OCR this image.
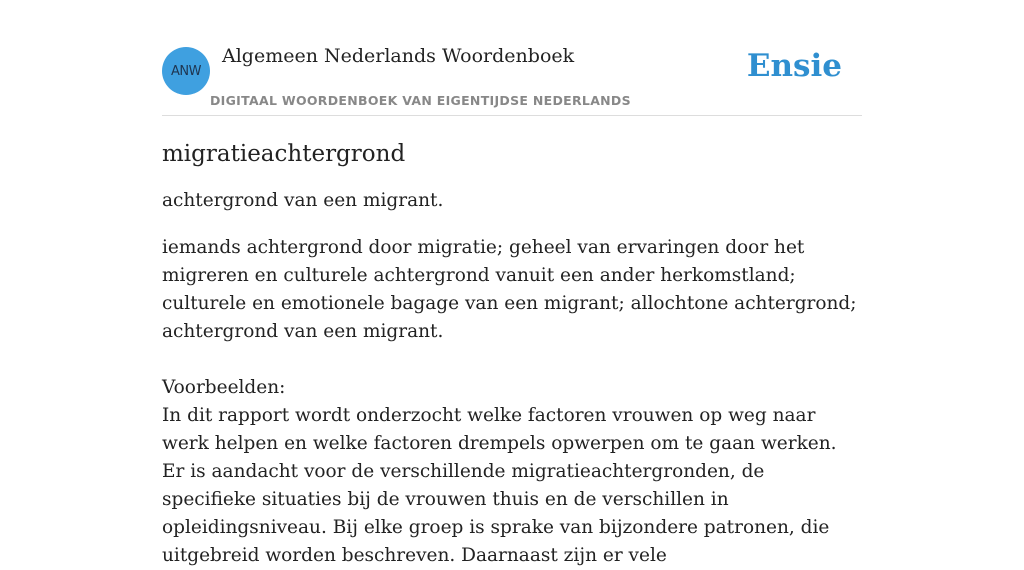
ANW
Algemeen Nederlands Woordenboek
DIGITAAL WOORDENBOEK VAN EIGENTIJDSE NEDERLANDS
Ensie
migratieachtergrond

achtergrond van een migrant.

iemands achtergrond door migratie; geheel van ervaringen door het migreren en culturele achtergrond vanuit een ander herkomstland; culturele en emotionele bagage van een migrant; allochtone achtergrond; achtergrond van een migrant.

Voorbeelden:

In dit rapport wordt onderzocht welke factoren vrouwen op weg naar werk helpen en welke factoren drempels opwerpen om te gaan werken. Er is aandacht voor de verschillende migratieachtergronden, de specifieke situaties bij de vrouwen thuis en de verschillen in opleidingsniveau. Bij elke groep is sprake van bijzondere patronen, die uitgebreid worden beschreven. Daarnaast zijn er vele
